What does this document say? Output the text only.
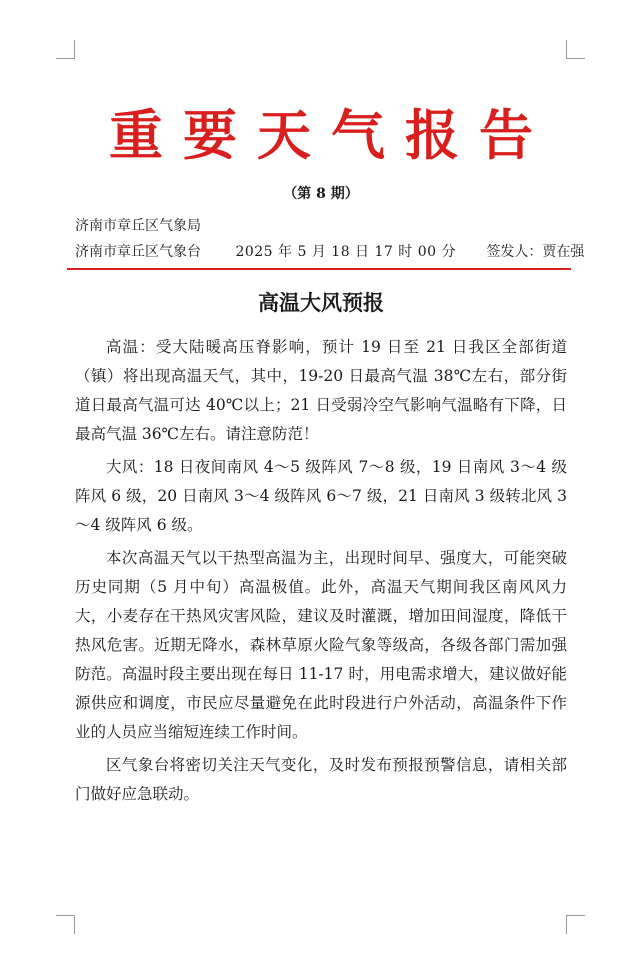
重要天气报告
（第 8 期）
济南市章丘区气象局
济南市章丘区气象台 2025 年 5 月 18 日 17 时 00 分 签发人：贾在强
高温大风预报

高温：受大陆暖高压脊影响，预计 19 日至 21 日我区全部街道（镇）将出现高温天气，其中，19-20 日最高气温 38℃左右，部分街道日最高气温可达 40℃以上；21 日受弱冷空气影响气温略有下降，日最高气温 36℃左右。请注意防范！

大风：18 日夜间南风 4～5 级阵风 7～8 级，19 日南风 3～4 级阵风 6 级，20 日南风 3～4 级阵风 6～7 级，21 日南风 3 级转北风 3～4 级阵风 6 级。

本次高温天气以干热型高温为主，出现时间早、强度大，可能突破历史同期（5 月中旬）高温极值。此外，高温天气期间我区南风风力大，小麦存在干热风灾害风险，建议及时灌溉，增加田间湿度，降低干热风危害。近期无降水，森林草原火险气象等级高，各级各部门需加强防范。高温时段主要出现在每日 11-17 时，用电需求增大，建议做好能源供应和调度，市民应尽量避免在此时段进行户外活动，高温条件下作业的人员应当缩短连续工作时间。

区气象台将密切关注天气变化，及时发布预报预警信息，请相关部门做好应急联动。
